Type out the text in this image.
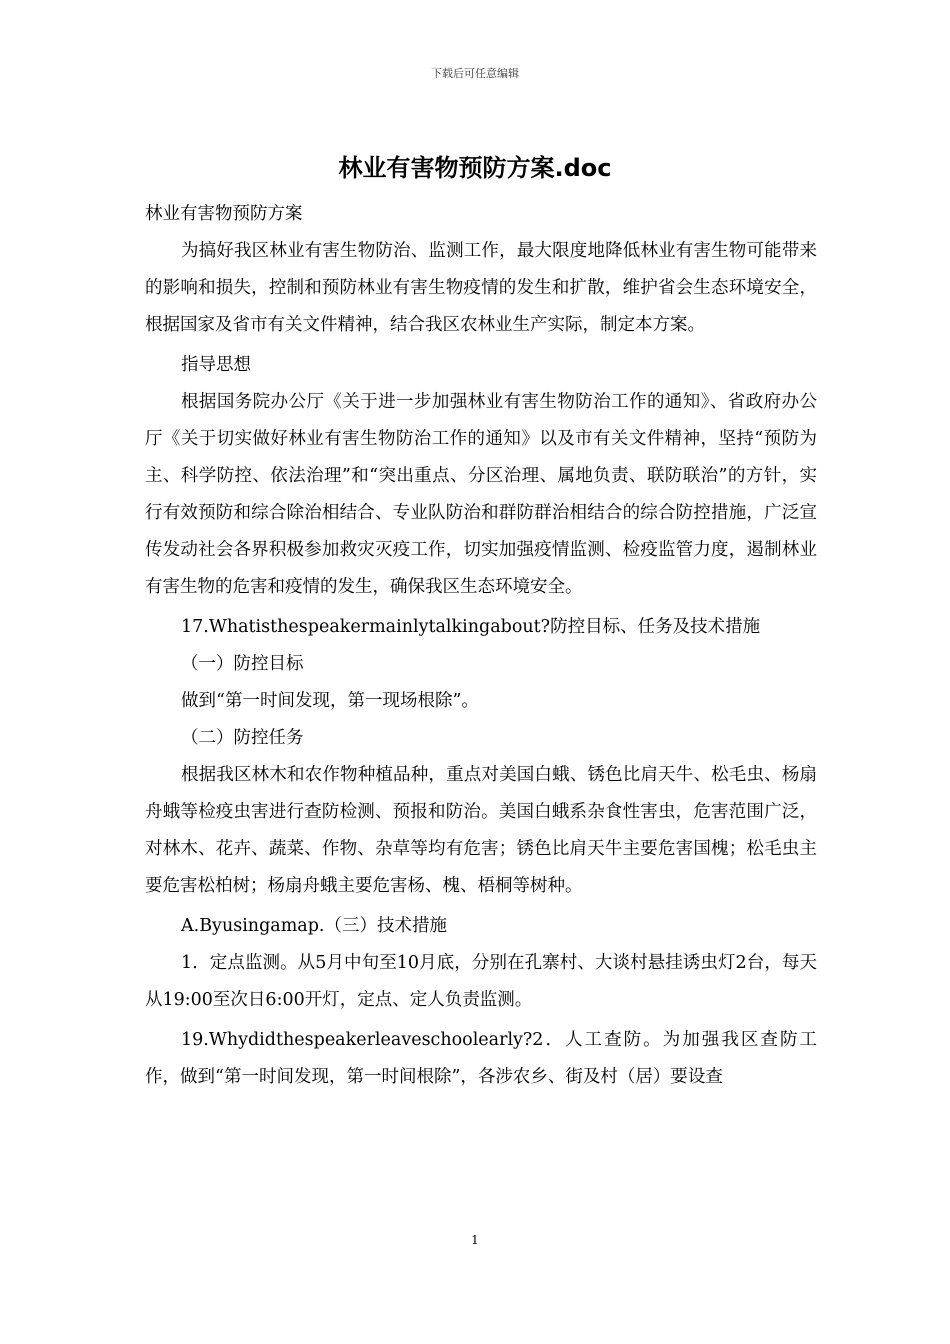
下载后可任意编辑
林业有害物预防方案.doc

林业有害物预防方案

为搞好我区林业有害生物防治、监测工作，最大限度地降低林业有害生物可能带来的影响和损失，控制和预防林业有害生物疫情的发生和扩散，维护省会生态环境安全，根据国家及省市有关文件精神，结合我区农林业生产实际，制定本方案。

指导思想

根据国务院办公厅《关于进一步加强林业有害生物防治工作的通知》、省政府办公厅《关于切实做好林业有害生物防治工作的通知》以及市有关文件精神，坚持“预防为主、科学防控、依法治理”和“突出重点、分区治理、属地负责、联防联治”的方针，实行有效预防和综合除治相结合、专业队防治和群防群治相结合的综合防控措施，广泛宣传发动社会各界积极参加救灾灭疫工作，切实加强疫情监测、检疫监管力度，遏制林业有害生物的危害和疫情的发生，确保我区生态环境安全。

17.Whatisthespeakermainlytalkingabout?防控目标、任务及技术措施

（一）防控目标

做到“第一时间发现，第一现场根除”。

（二）防控任务

根据我区林木和农作物种植品种，重点对美国白蛾、锈色比肩天牛、松毛虫、杨扇舟蛾等检疫虫害进行查防检测、预报和防治。美国白蛾系杂食性害虫，危害范围广泛，对林木、花卉、蔬菜、作物、杂草等均有危害；锈色比肩天牛主要危害国槐；松毛虫主要危害松柏树；杨扇舟蛾主要危害杨、槐、梧桐等树种。

A.Byusingamap.（三）技术措施

1．定点监测。从5月中旬至10月底，分别在孔寨村、大谈村悬挂诱虫灯2台，每天从19:00至次日6:00开灯，定点、定人负责监测。

19.Whydidthespeakerleaveschoolearly?2．人工查防。为加强我区查防工作，做到“第一时间发现，第一时间根除”，各涉农乡、街及村（居）要设查

1
